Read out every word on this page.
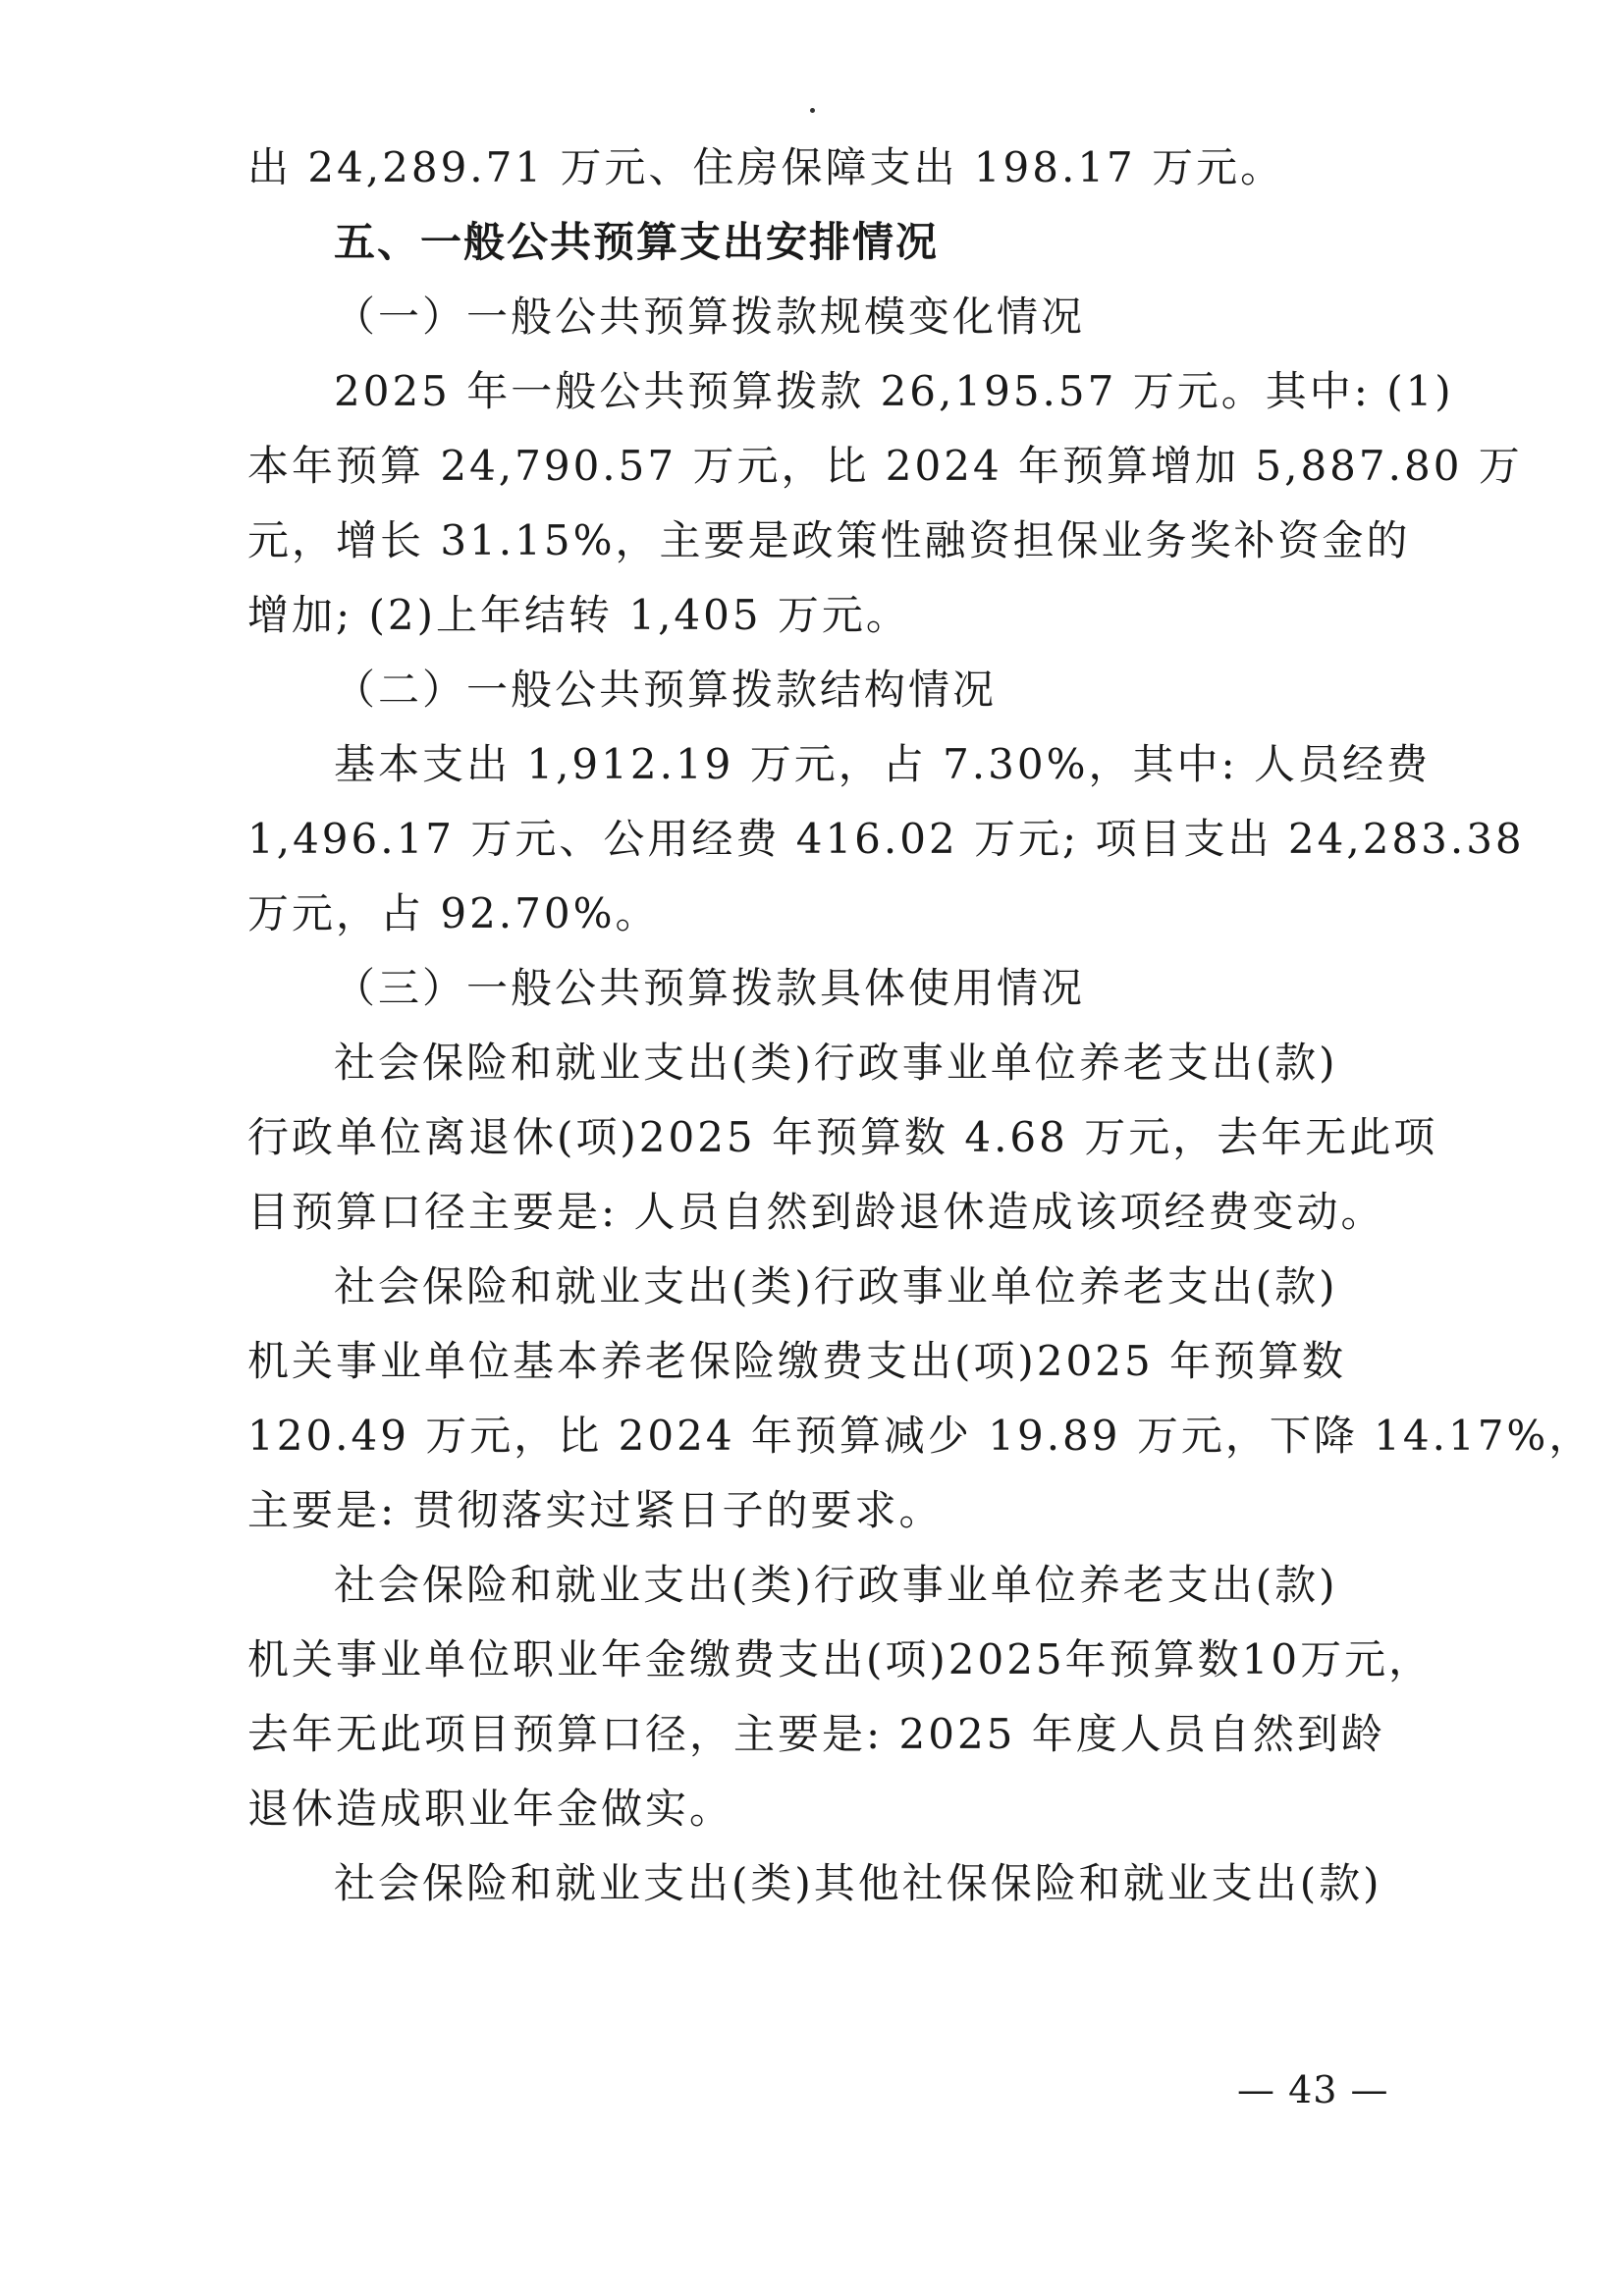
出 24,289.71 万元、住房保障支出 198.17 万元。
五、一般公共预算支出安排情况
（一）一般公共预算拨款规模变化情况
2025 年一般公共预算拨款 26,195.57 万元。其中: (1)
本年预算 24,790.57 万元，比 2024 年预算增加 5,887.80 万
元，增长 31.15%，主要是政策性融资担保业务奖补资金的
增加; (2)上年结转 1,405 万元。
（二）一般公共预算拨款结构情况
基本支出 1,912.19 万元，占 7.30%，其中: 人员经费
1,496.17 万元、公用经费 416.02 万元; 项目支出 24,283.38
万元，占 92.70%。
（三）一般公共预算拨款具体使用情况
社会保险和就业支出(类)行政事业单位养老支出(款)
行政单位离退休(项)2025 年预算数 4.68 万元，去年无此项
目预算口径主要是: 人员自然到龄退休造成该项经费变动。
社会保险和就业支出(类)行政事业单位养老支出(款)
机关事业单位基本养老保险缴费支出(项)2025 年预算数
120.49 万元，比 2024 年预算减少 19.89 万元，下降 14.17%，
主要是: 贯彻落实过紧日子的要求。
社会保险和就业支出(类)行政事业单位养老支出(款)
机关事业单位职业年金缴费支出(项)2025年预算数10万元，
去年无此项目预算口径，主要是: 2025 年度人员自然到龄
退休造成职业年金做实。
社会保险和就业支出(类)其他社保保险和就业支出(款)
— 43 —
